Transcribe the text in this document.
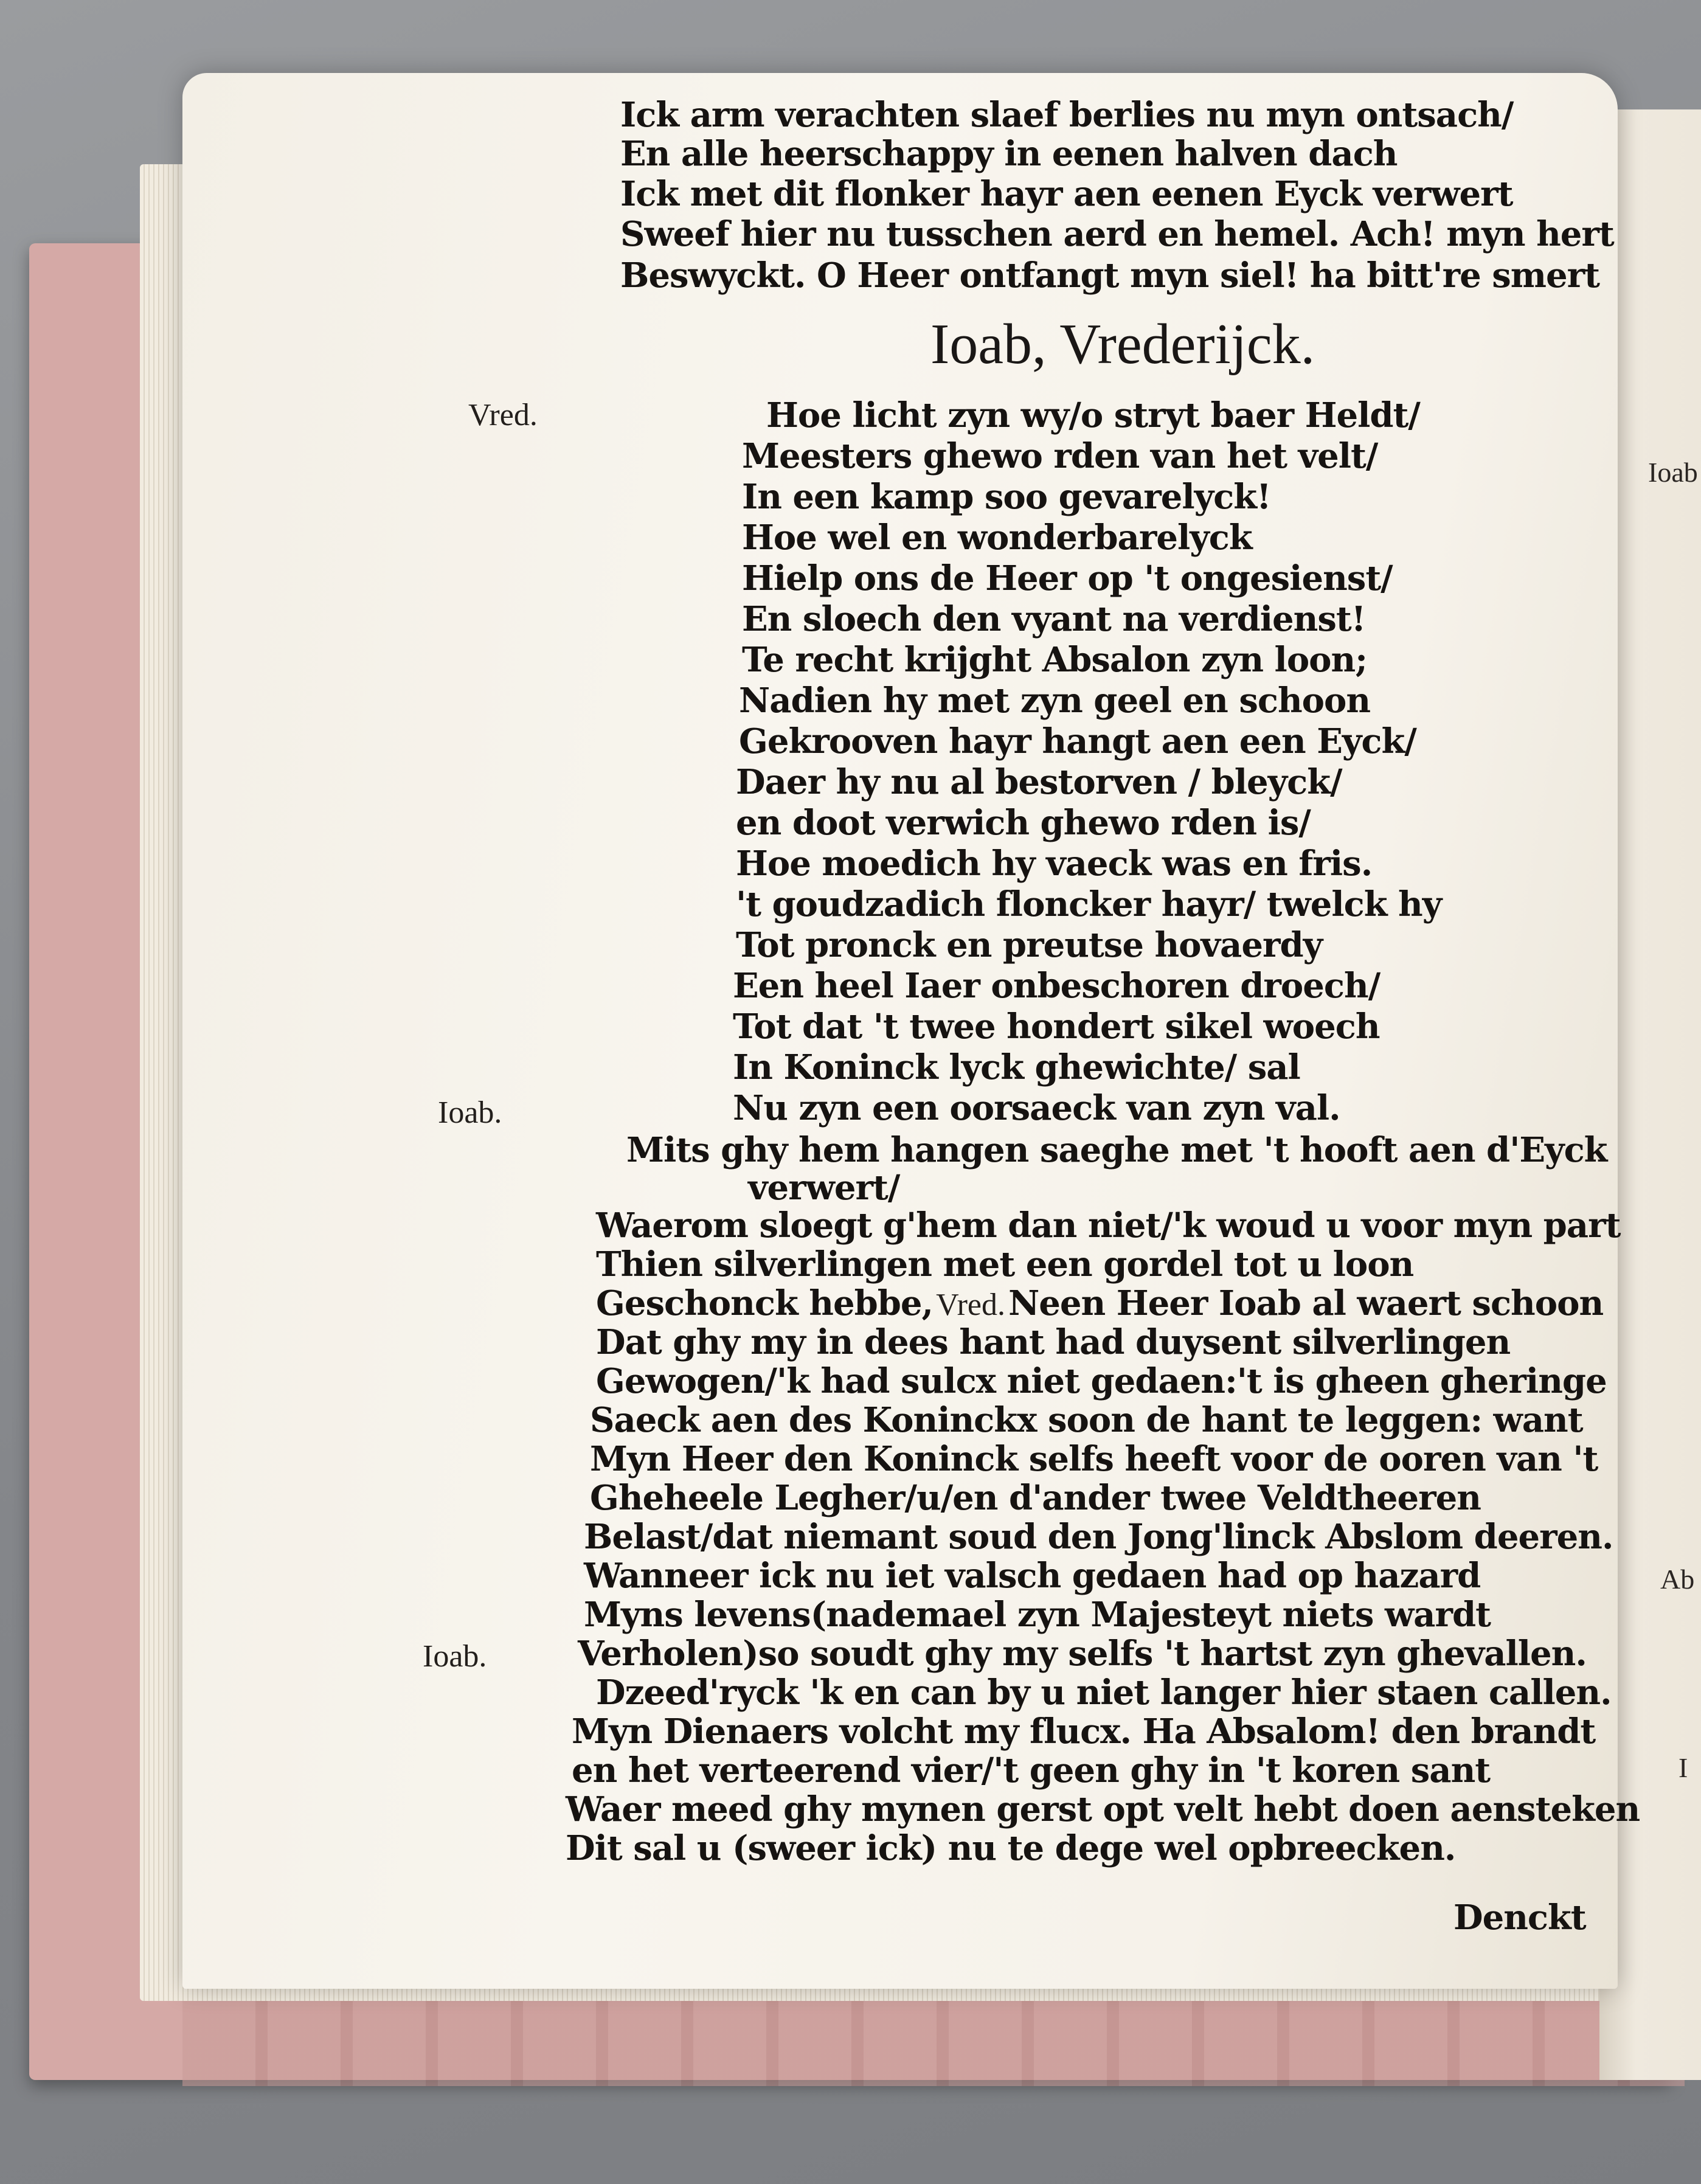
Ioab

Ab

I

Ick arm verachten slaef berlies nu myn ontsach/

En alle heerschappy in eenen halven dach

Ick met dit flonker hayr aen eenen Eyck verwert

Sweef hier nu tusschen aerd en hemel. Ach! myn hert

Beswyckt. O Heer ontfangt myn siel! ha bitt're smert

Ioab, Vrederijck.

Vred.	Hoe licht zyn wy/o stryt baer Heldt/

Meesters ghewo rden van het velt/

In een kamp soo gevarelyck!

Hoe wel en wonderbarelyck

Hielp ons de Heer op 't ongesienst/

En sloech den vyant na verdienst!

Te recht krijght Absalon zyn loon;

Nadien hy met zyn geel en schoon

Gekrooven hayr hangt aen een Eyck/

Daer hy nu al bestorven / bleyck/

en doot verwich ghewo rden is/

Hoe moedich hy vaeck was en fris.

't goudzadich floncker hayr/ twelck hy

Tot pronck en preutse hovaerdy

Een heel Iaer onbeschoren droech/

Tot dat 't twee hondert sikel woech

In Koninck lyck ghewichte/ sal

Nu zyn een oorsaeck van zyn val.

Ioab.

Mits ghy hem hangen saeghe met 't hooft aen d'Eyck

verwert/

Waerom sloegt g'hem dan niet/'k woud u voor myn part

Thien silverlingen met een gordel tot u loon

Geschonck hebbe, Vred. Neen Heer Ioab al waert schoon

Dat ghy my in dees hant had duysent silverlingen

Gewogen/'k had sulcx niet gedaen:'t is gheen gheringe

Saeck aen des Koninckx soon de hant te leggen: want

Myn Heer den Koninck selfs heeft voor de ooren van 't

Gheheele Legher/u/en d'ander twee Veldtheeren

Belast/dat niemant soud den Jong'linck Abslom deeren.

Wanneer ick nu iet valsch gedaen had op hazard

Myns levens(nademael zyn Majesteyt niets wardt

Verholen)so soudt ghy my selfs 't hartst zyn ghevallen.

Ioab.

Dzeed'ryck 'k en can by u niet langer hier staen callen.

Myn Dienaers volcht my flucx. Ha Absalom! den brandt

en het verteerend vier/'t geen ghy in 't koren sant

Waer meed ghy mynen gerst opt velt hebt doen aensteken

Dit sal u (sweer ick) nu te dege wel opbreecken.

Denckt
